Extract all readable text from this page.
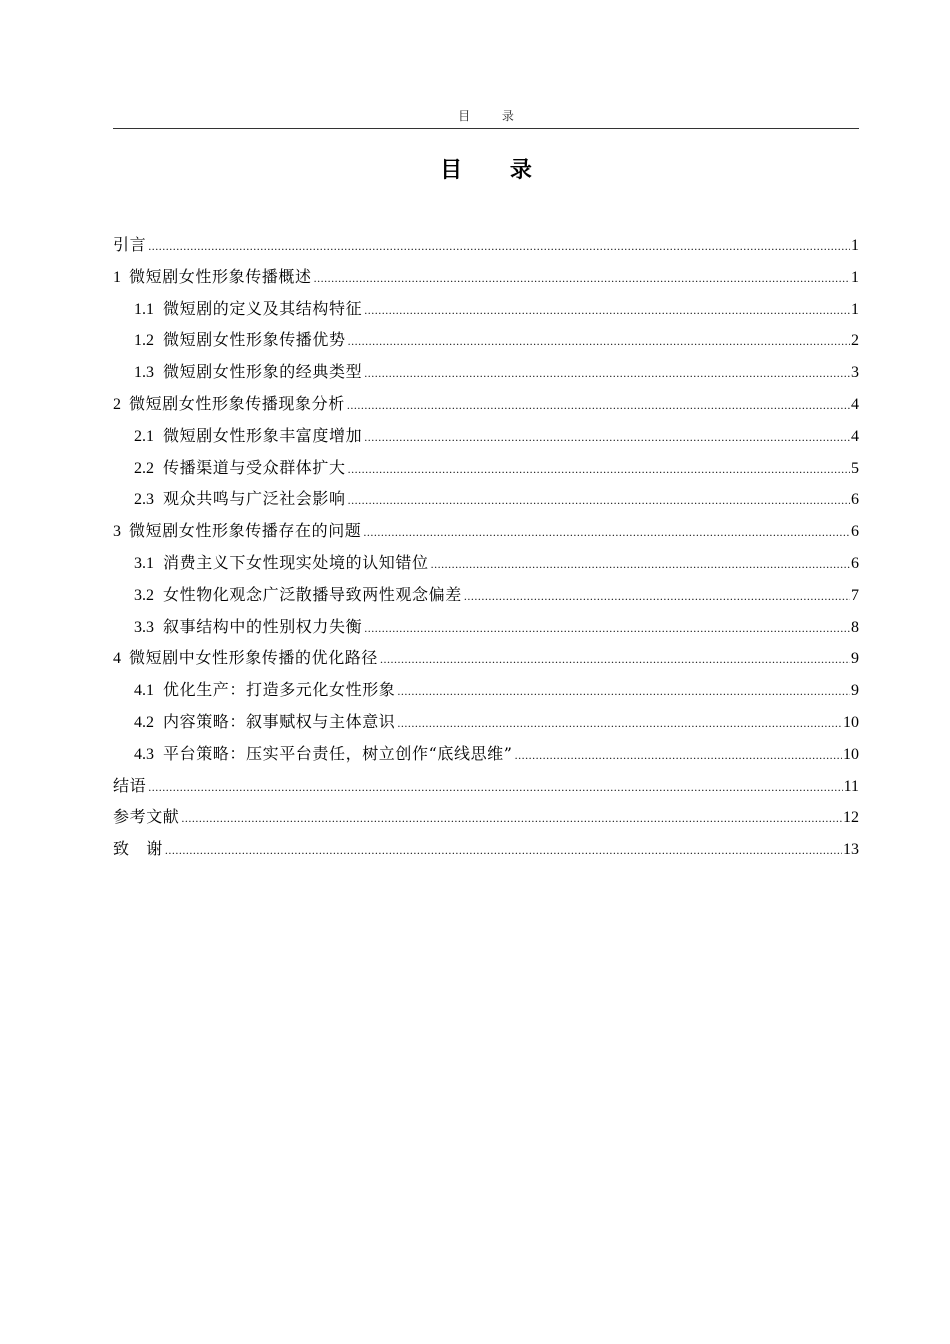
目 录
目 录
引言 .....	1
1 微短剧女性形象传播概述 .....	1
1.1 微短剧的定义及其结构特征 .....	1
1.2 微短剧女性形象传播优势 .....	2
1.3 微短剧女性形象的经典类型 .....	3
2 微短剧女性形象传播现象分析 .....	4
2.1 微短剧女性形象丰富度增加 .....	4
2.2 传播渠道与受众群体扩大 .....	5
2.3 观众共鸣与广泛社会影响 .....	6
3 微短剧女性形象传播存在的问题 .....	6
3.1 消费主义下女性现实处境的认知错位 .....	6
3.2 女性物化观念广泛散播导致两性观念偏差 .....	7
3.3 叙事结构中的性别权力失衡 .....	8
4 微短剧中女性形象传播的优化路径 .....	9
4.1 优化生产：打造多元化女性形象 .....	9
4.2 内容策略：叙事赋权与主体意识 .....	10
4.3 平台策略：压实平台责任，树立创作“底线思维” .....	10
结语 .....	11
参考文献 .....	12
致　谢 .....	13
